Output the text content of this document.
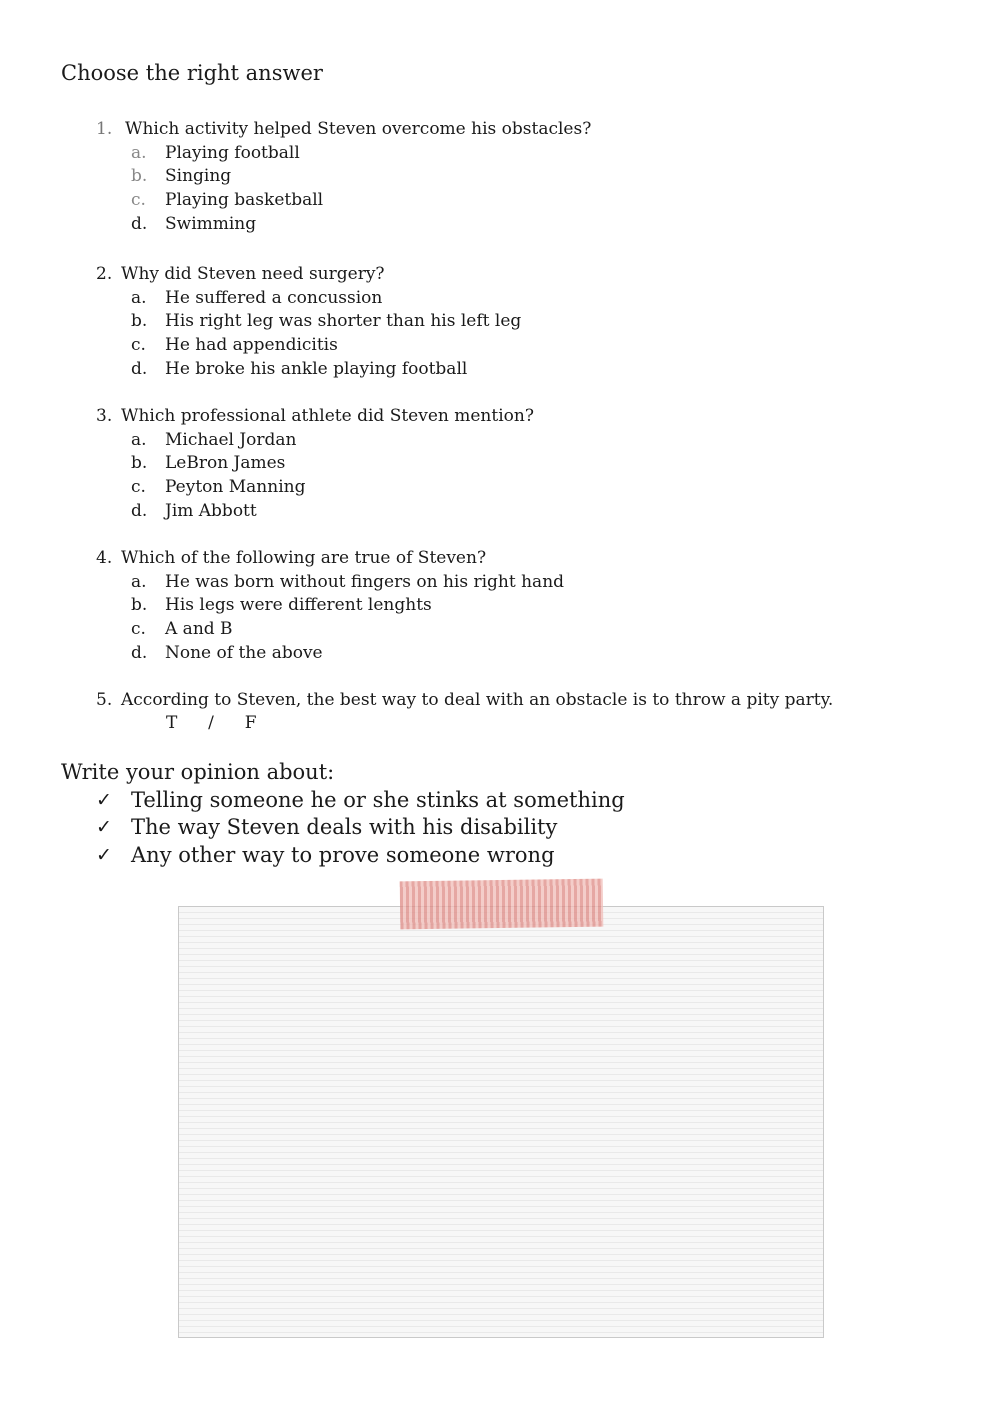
Choose the right answer
1. Which activity helped Steven overcome his obstacles?
a.	Playing football
b.	Singing
c.	Playing basketball
d.	Swimming
2. Why did Steven need surgery?
a.	He suffered a concussion
b.	His right leg was shorter than his left leg
c.	He had appendicitis
d.	He broke his ankle playing football
3. Which professional athlete did Steven mention?
a.	Michael Jordan
b.	LeBron James
c.	Peyton Manning
d.	Jim Abbott
4. Which of the following are true of Steven?
a.	He was born without fingers on his right hand
b.	His legs were different lenghts
c.	A and B
d.	None of the above
5. According to Steven, the best way to deal with an obstacle is to throw a pity party.
T / F
Write your opinion about:
✓ Telling someone he or she stinks at something
✓ The way Steven deals with his disability
✓ Any other way to prove someone wrong
